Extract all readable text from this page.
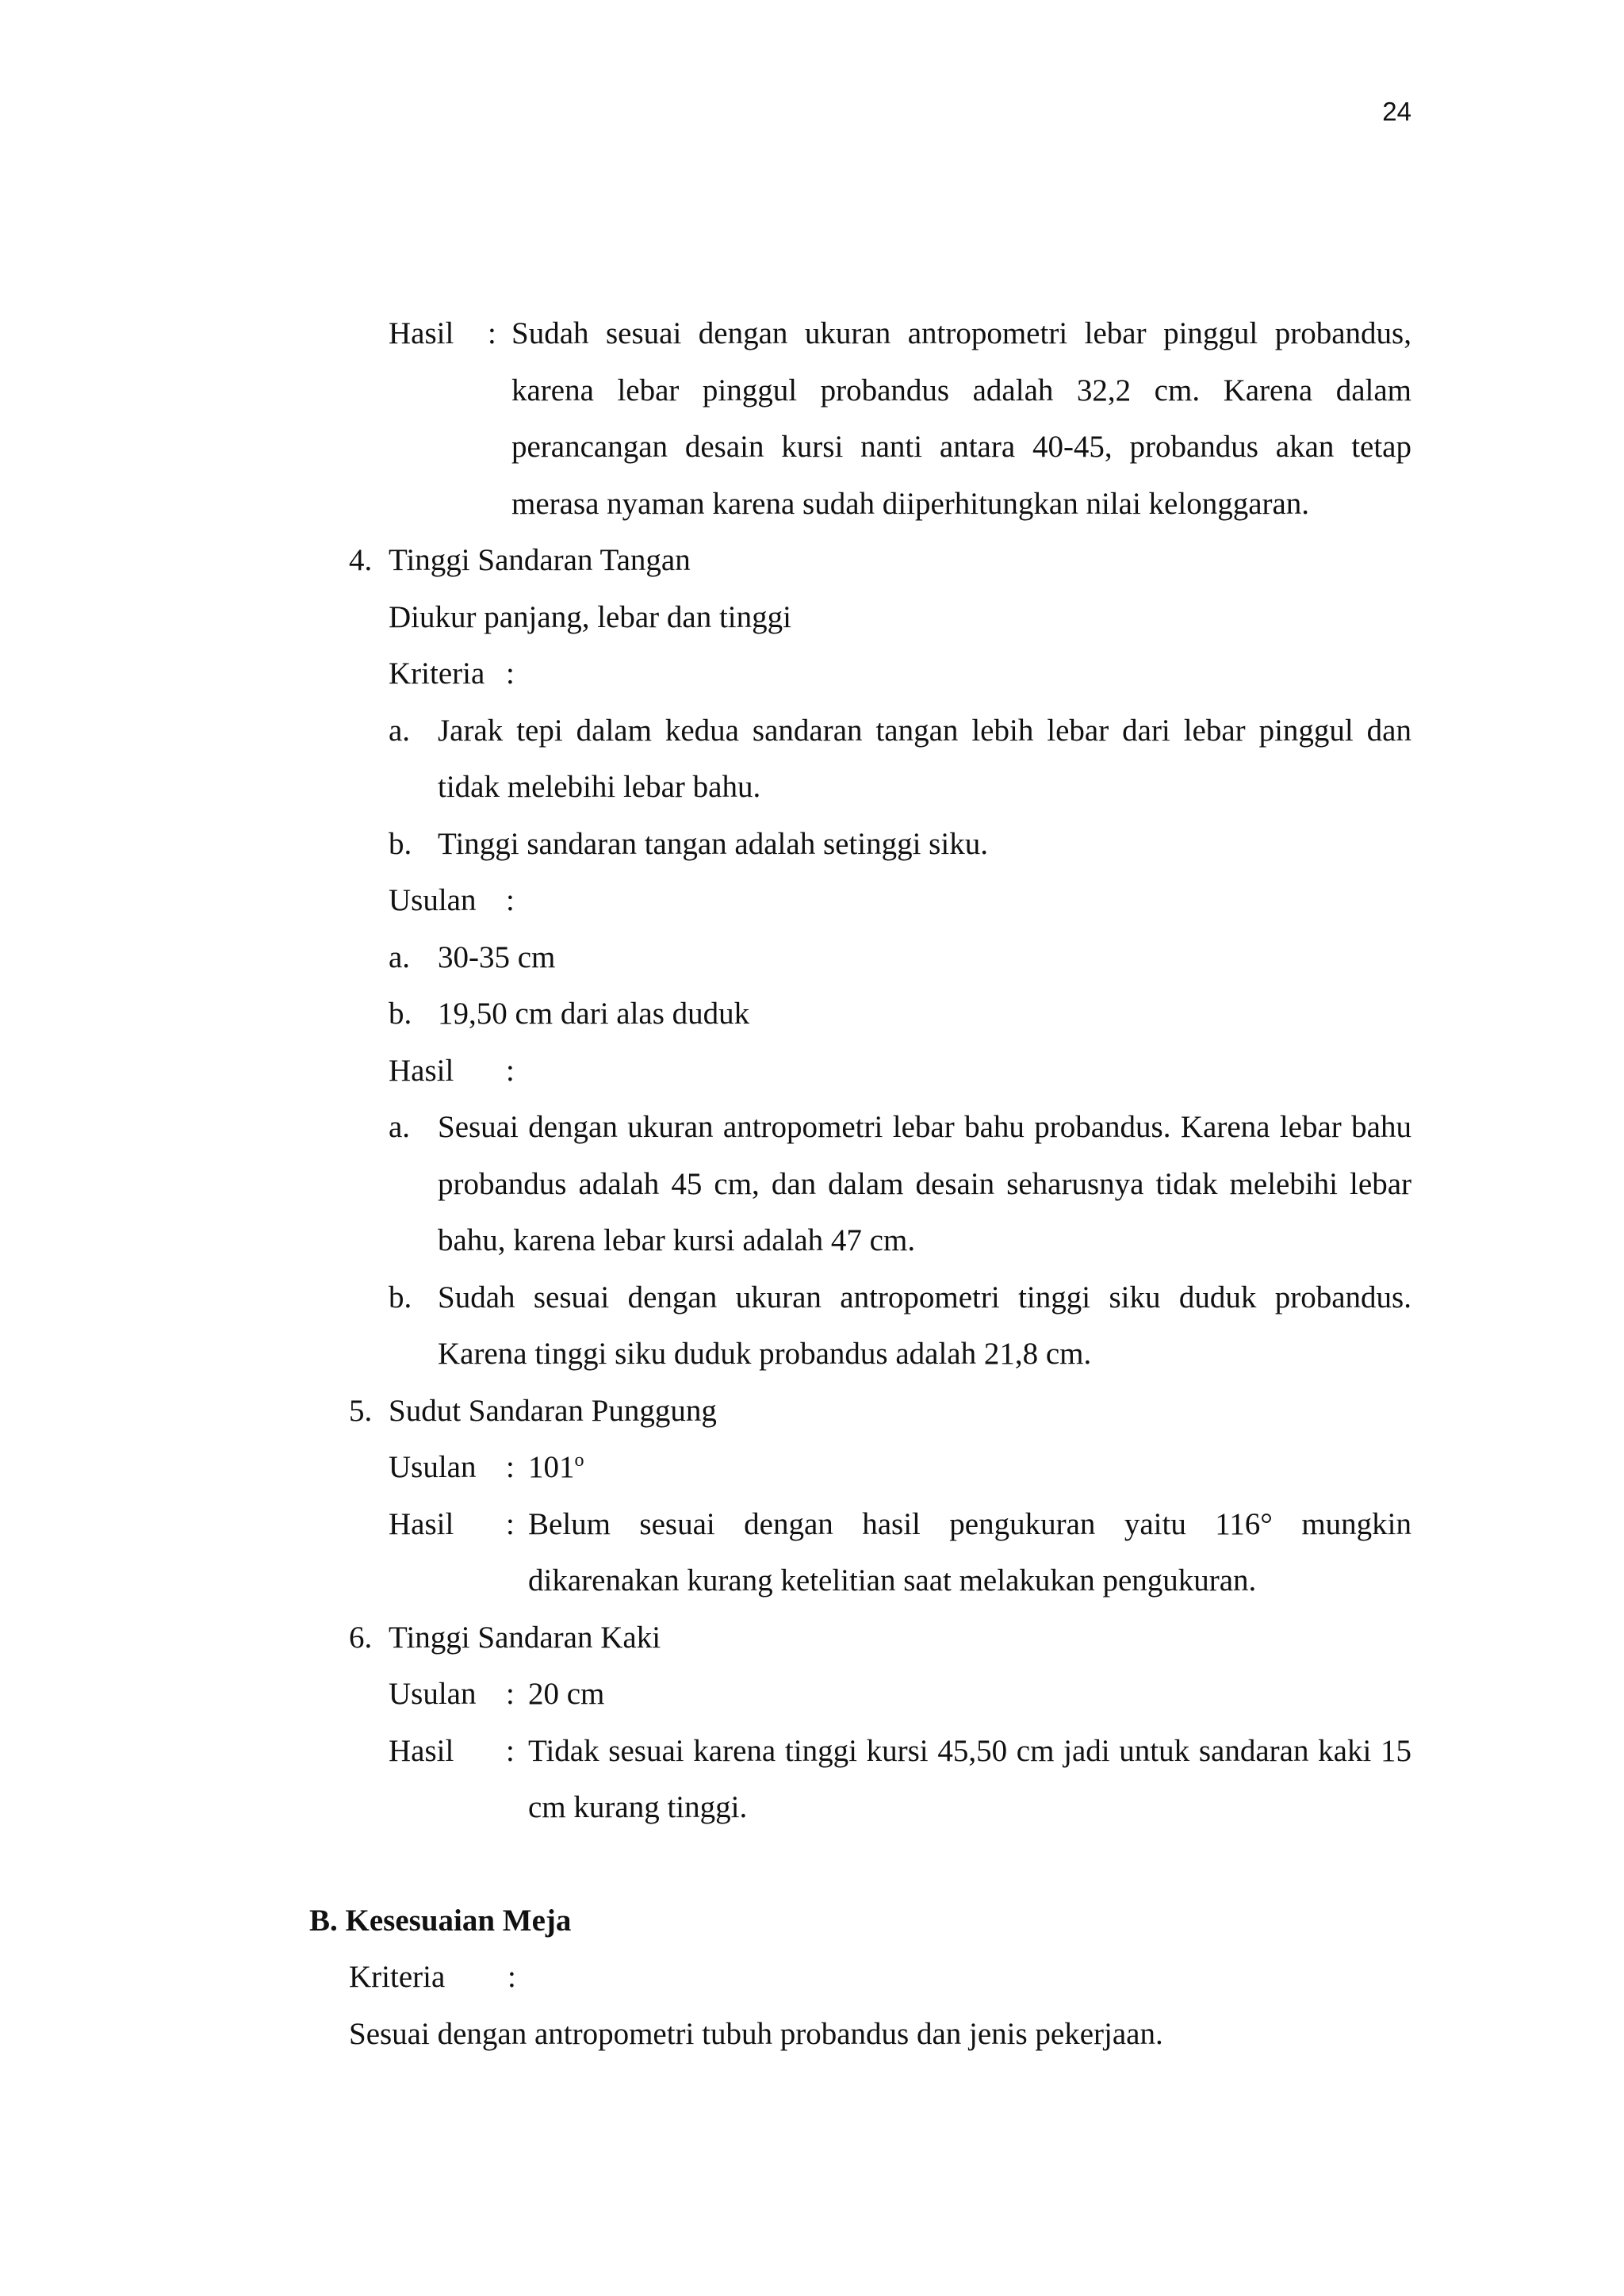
24
Hasil	: Sudah sesuai dengan ukuran antropometri lebar pinggul probandus, karena lebar pinggul probandus adalah 32,2 cm. Karena dalam perancangan desain kursi nanti antara 40-45, probandus akan tetap merasa nyaman karena sudah diiperhitungkan nilai kelonggaran.
4. Tinggi Sandaran Tangan
Diukur panjang, lebar dan tinggi
Kriteria :
a. Jarak tepi dalam kedua sandaran tangan lebih lebar dari lebar pinggul dan tidak melebihi lebar bahu.
b. Tinggi sandaran tangan adalah setinggi siku.
Usulan :
a. 30-35 cm
b. 19,50 cm dari alas duduk
Hasil	:
a. Sesuai dengan ukuran antropometri lebar bahu probandus. Karena lebar bahu probandus adalah 45 cm, dan dalam desain seharusnya tidak melebihi lebar bahu, karena lebar kursi adalah 47 cm.
b. Sudah sesuai dengan ukuran antropometri tinggi siku duduk probandus. Karena tinggi siku duduk probandus adalah 21,8 cm.
5. Sudut Sandaran Punggung
Usulan : 101$^o$
Hasil	: Belum sesuai dengan hasil pengukuran yaitu 116° mungkin dikarenakan kurang ketelitian saat melakukan pengukuran.
6. Tinggi Sandaran Kaki
Usulan : 20 cm
Hasil	: Tidak sesuai karena tinggi kursi 45,50 cm jadi untuk sandaran kaki 15 cm kurang tinggi.
B. Kesesuaian Meja
Kriteria	:
Sesuai dengan antropometri tubuh probandus dan jenis pekerjaan.
